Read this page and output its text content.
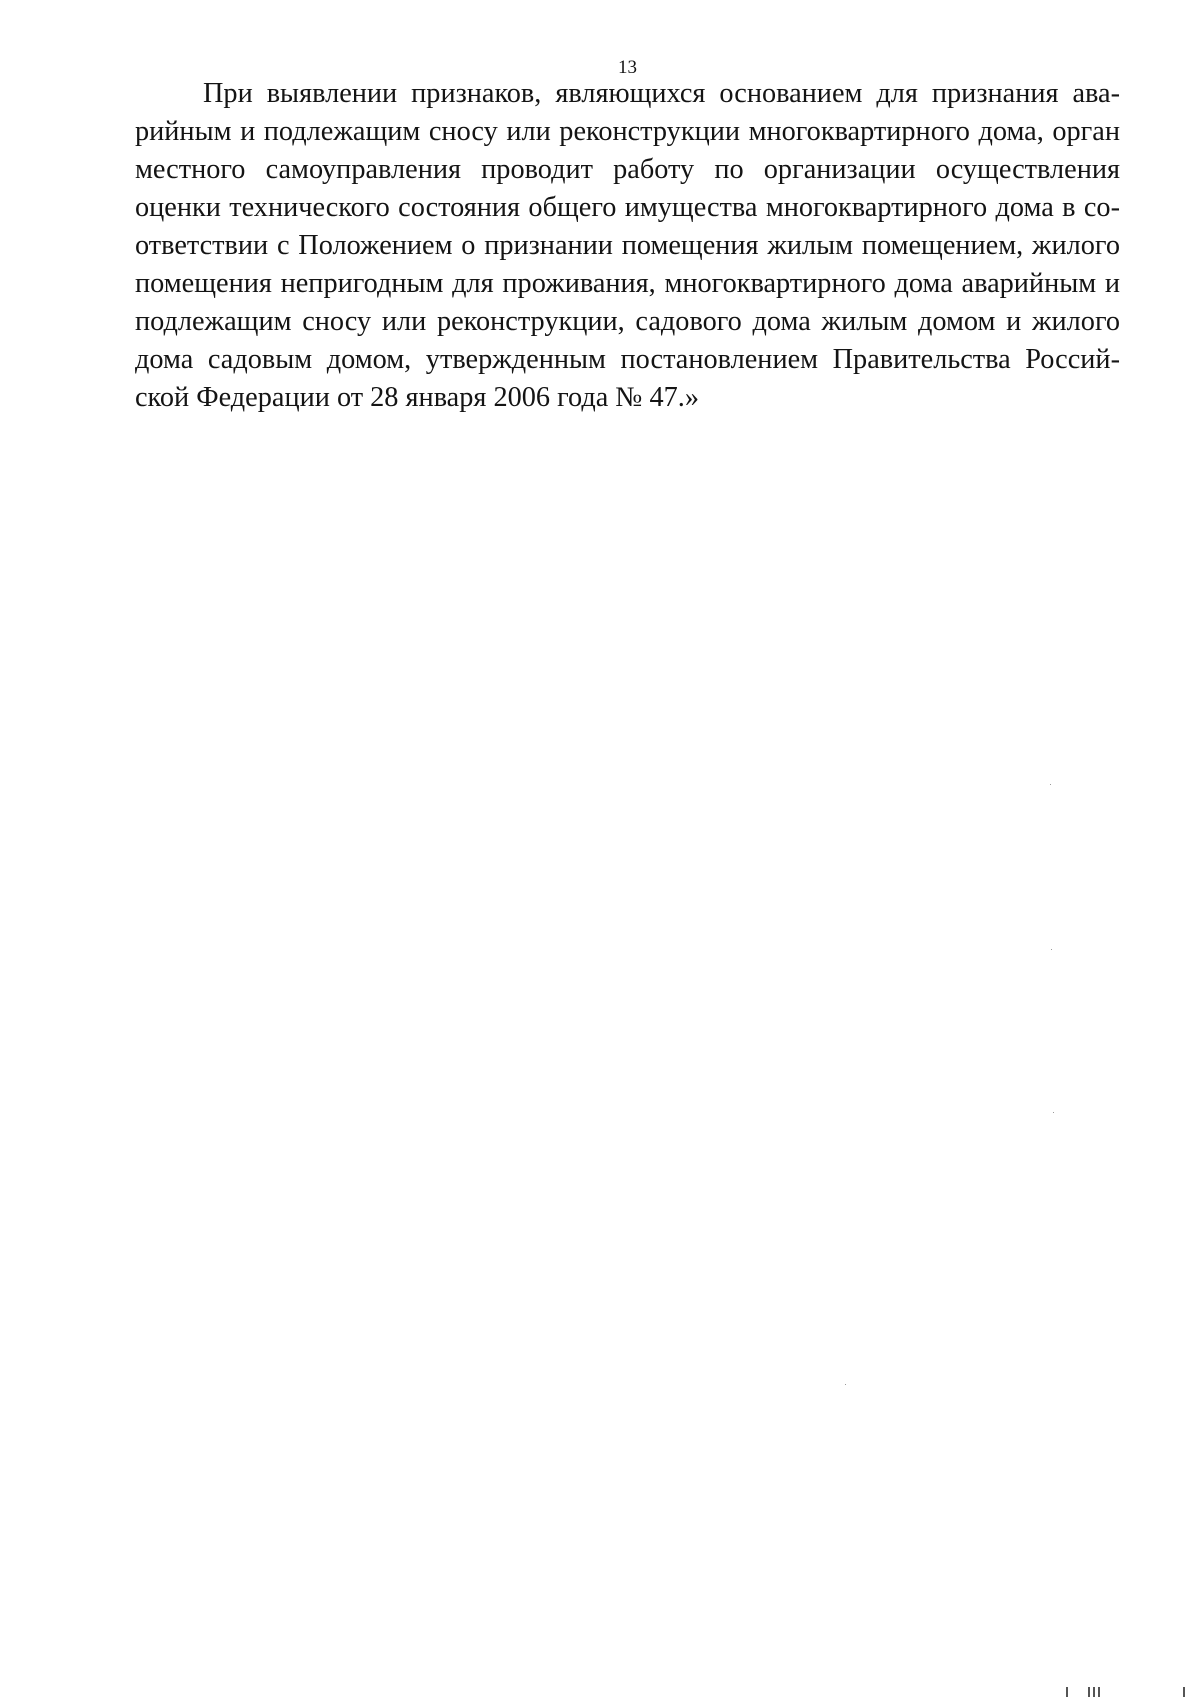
13
При выявлении признаков, являющихся основанием для признания ава-
рийным и подлежащим сносу или реконструкции многоквартирного дома, орган
местного самоуправления проводит работу по организации осуществления
оценки технического состояния общего имущества многоквартирного дома в со-
ответствии с Положением о признании помещения жилым помещением, жилого
помещения непригодным для проживания, многоквартирного дома аварийным и
подлежащим сносу или реконструкции, садового дома жилым домом и жилого
дома садовым домом, утвержденным постановлением Правительства Россий-
ской Федерации от 28 января 2006 года № 47.»
